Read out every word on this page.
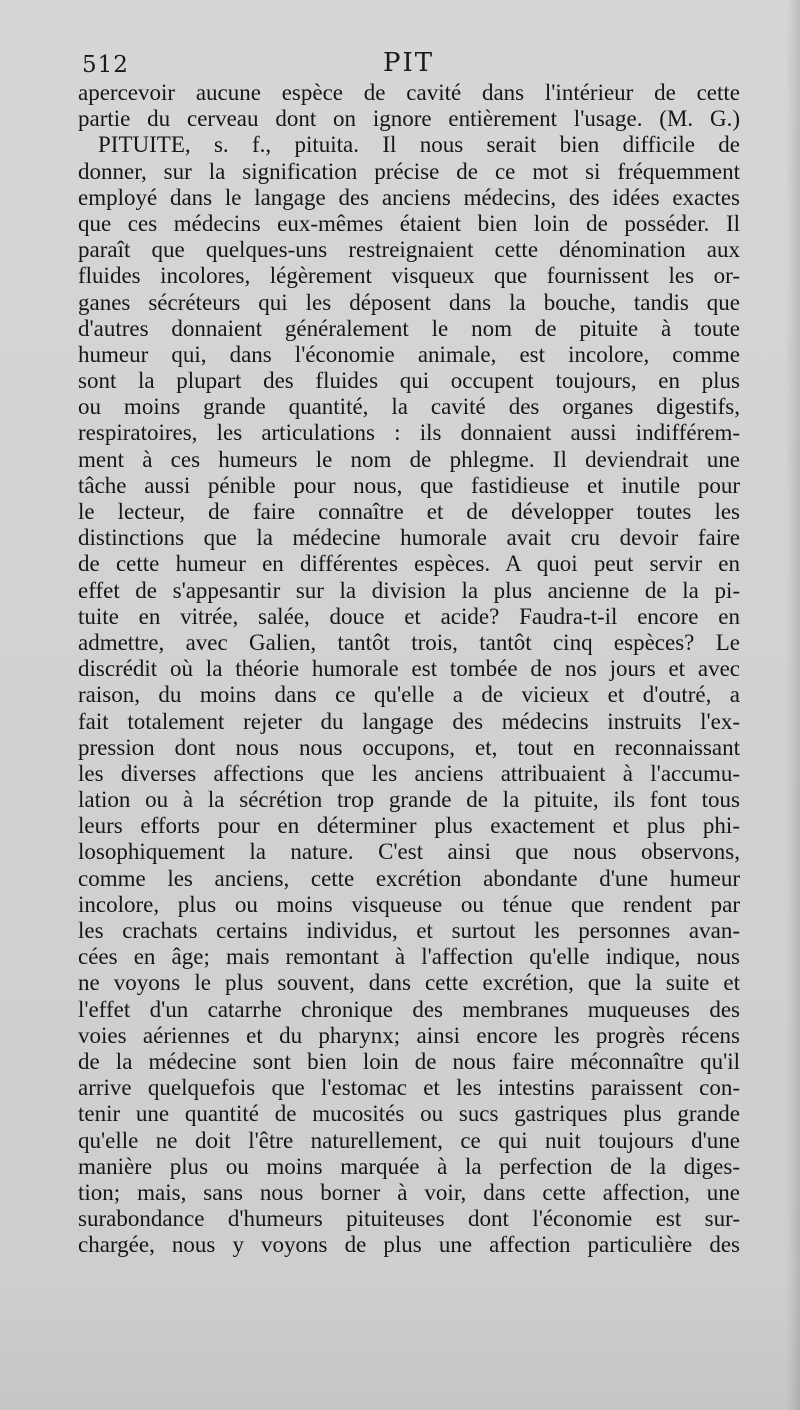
512	PIT
apercevoir aucune espèce de cavité dans l'intérieur de cette
partie du cerveau dont on ignore entièrement l'usage. (M. G.)
PITUITE, s. f., pituita. Il nous serait bien difficile de
donner, sur la signification précise de ce mot si fréquemment
employé dans le langage des anciens médecins, des idées exactes
que ces médecins eux-mêmes étaient bien loin de posséder. Il
paraît que quelques-uns restreignaient cette dénomination aux
fluides incolores, légèrement visqueux que fournissent les or-
ganes sécréteurs qui les déposent dans la bouche, tandis que
d'autres donnaient généralement le nom de pituite à toute
humeur qui, dans l'économie animale, est incolore, comme
sont la plupart des fluides qui occupent toujours, en plus
ou moins grande quantité, la cavité des organes digestifs,
respiratoires, les articulations : ils donnaient aussi indifférem-
ment à ces humeurs le nom de phlegme. Il deviendrait une
tâche aussi pénible pour nous, que fastidieuse et inutile pour
le lecteur, de faire connaître et de développer toutes les
distinctions que la médecine humorale avait cru devoir faire
de cette humeur en différentes espèces. A quoi peut servir en
effet de s'appesantir sur la division la plus ancienne de la pi-
tuite en vitrée, salée, douce et acide? Faudra-t-il encore en
admettre, avec Galien, tantôt trois, tantôt cinq espèces? Le
discrédit où la théorie humorale est tombée de nos jours et avec
raison, du moins dans ce qu'elle a de vicieux et d'outré, a
fait totalement rejeter du langage des médecins instruits l'ex-
pression dont nous nous occupons, et, tout en reconnaissant
les diverses affections que les anciens attribuaient à l'accumu-
lation ou à la sécrétion trop grande de la pituite, ils font tous
leurs efforts pour en déterminer plus exactement et plus phi-
losophiquement la nature. C'est ainsi que nous observons,
comme les anciens, cette excrétion abondante d'une humeur
incolore, plus ou moins visqueuse ou ténue que rendent par
les crachats certains individus, et surtout les personnes avan-
cées en âge; mais remontant à l'affection qu'elle indique, nous
ne voyons le plus souvent, dans cette excrétion, que la suite et
l'effet d'un catarrhe chronique des membranes muqueuses des
voies aériennes et du pharynx; ainsi encore les progrès récens
de la médecine sont bien loin de nous faire méconnaître qu'il
arrive quelquefois que l'estomac et les intestins paraissent con-
tenir une quantité de mucosités ou sucs gastriques plus grande
qu'elle ne doit l'être naturellement, ce qui nuit toujours d'une
manière plus ou moins marquée à la perfection de la diges-
tion; mais, sans nous borner à voir, dans cette affection, une
surabondance d'humeurs pituiteuses dont l'économie est sur-
chargée, nous y voyons de plus une affection particulière des
